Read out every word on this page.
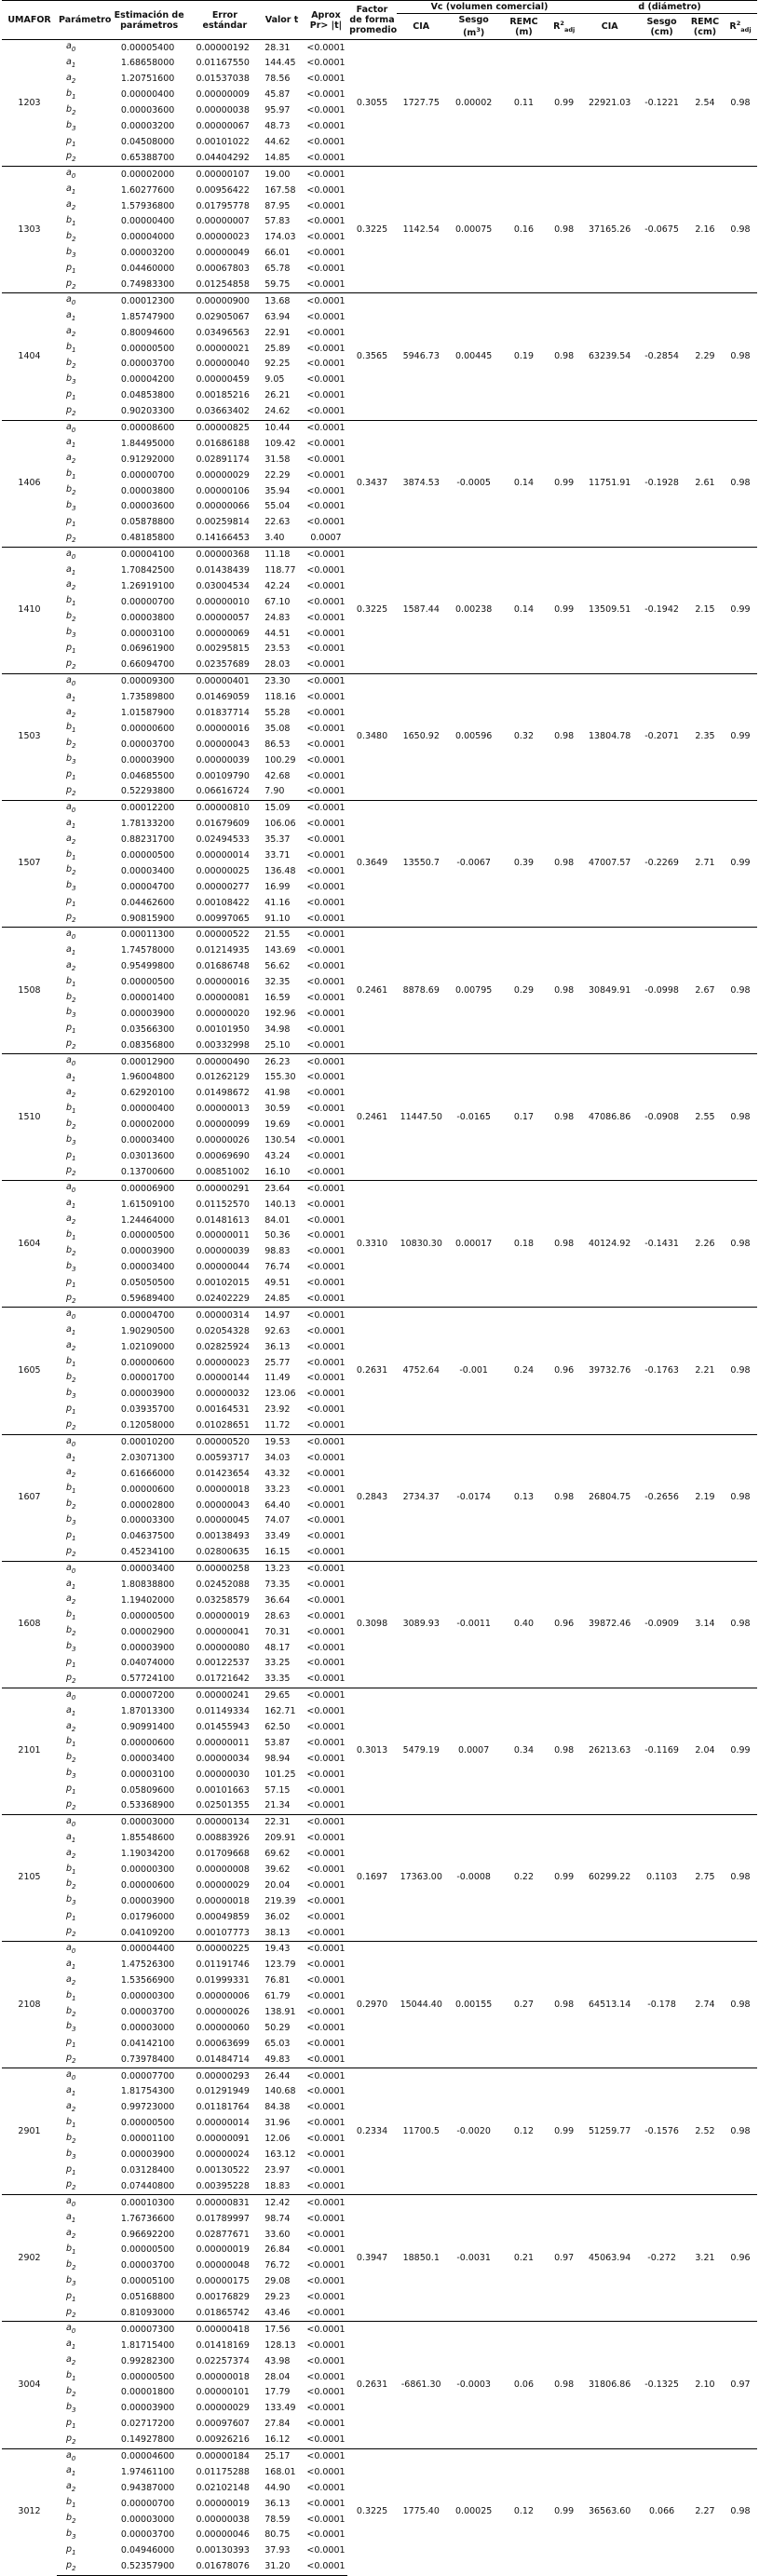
UMAFOR	Parámetro	Estimación de parámetros	Error estándar	Valor t	Aprox Pr> |t|	Factor de forma promedio	Vc (volumen comercial)				d (diámetro)			
							CIA	Sesgo $(m^3)$	REMC (m)	$R^2_{adj}$	CIA	Sesgo (cm)	REMC (cm)	$R^2_{adj}$
1203	$a_0$	0.00005400	0.00000192	28.31	<0.0001	0.3055	1727.75	0.00002	0.11	0.99	22921.03	-0.1221	2.54	0.98
	$a_1$	1.68658000	0.01167550	144.45	<0.0001									
	$a_2$	1.20751600	0.01537038	78.56	<0.0001									
	$b_1$	0.00000400	0.00000009	45.87	<0.0001									
	$b_2$	0.00003600	0.00000038	95.97	<0.0001									
	$b_3$	0.00003200	0.00000067	48.73	<0.0001									
	$p_1$	0.04508000	0.00101022	44.62	<0.0001									
	$p_2$	0.65388700	0.04404292	14.85	<0.0001									
1303	$a_0$	0.00002000	0.00000107	19.00	<0.0001	0.3225	1142.54	0.00075	0.16	0.98	37165.26	-0.0675	2.16	0.98
	$a_1$	1.60277600	0.00956422	167.58	<0.0001									
	$a_2$	1.57936800	0.01795778	87.95	<0.0001									
	$b_1$	0.00000400	0.00000007	57.83	<0.0001									
	$b_2$	0.00004000	0.00000023	174.03	<0.0001									
	$b_3$	0.00003200	0.00000049	66.01	<0.0001									
	$p_1$	0.04460000	0.00067803	65.78	<0.0001									
	$p_2$	0.74983300	0.01254858	59.75	<0.0001									
1404	$a_0$	0.00012300	0.00000900	13.68	<0.0001	0.3565	5946.73	0.00445	0.19	0.98	63239.54	-0.2854	2.29	0.98
	$a_1$	1.85747900	0.02905067	63.94	<0.0001									
	$a_2$	0.80094600	0.03496563	22.91	<0.0001									
	$b_1$	0.00000500	0.00000021	25.89	<0.0001									
	$b_2$	0.00003700	0.00000040	92.25	<0.0001									
	$b_3$	0.00004200	0.00000459	9.05	<0.0001									
	$p_1$	0.04853800	0.00185216	26.21	<0.0001									
	$p_2$	0.90203300	0.03663402	24.62	<0.0001									
1406	$a_0$	0.00008600	0.00000825	10.44	<0.0001	0.3437	3874.53	-0.0005	0.14	0.99	11751.91	-0.1928	2.61	0.98
	$a_1$	1.84495000	0.01686188	109.42	<0.0001									
	$a_2$	0.91292000	0.02891174	31.58	<0.0001									
	$b_1$	0.00000700	0.00000029	22.29	<0.0001									
	$b_2$	0.00003800	0.00000106	35.94	<0.0001									
	$b_3$	0.00003600	0.00000066	55.04	<0.0001									
	$p_1$	0.05878800	0.00259814	22.63	<0.0001									
	$p_2$	0.48185800	0.14166453	3.40	0.0007									
1410	$a_0$	0.00004100	0.00000368	11.18	<0.0001	0.3225	1587.44	0.00238	0.14	0.99	13509.51	-0.1942	2.15	0.99
	$a_1$	1.70842500	0.01438439	118.77	<0.0001									
	$a_2$	1.26919100	0.03004534	42.24	<0.0001									
	$b_1$	0.00000700	0.00000010	67.10	<0.0001									
	$b_2$	0.00003800	0.00000057	24.83	<0.0001									
	$b_3$	0.00003100	0.00000069	44.51	<0.0001									
	$p_1$	0.06961900	0.00295815	23.53	<0.0001									
	$p_2$	0.66094700	0.02357689	28.03	<0.0001									
1503	$a_0$	0.00009300	0.00000401	23.30	<0.0001	0.3480	1650.92	0.00596	0.32	0.98	13804.78	-0.2071	2.35	0.99
	$a_1$	1.73589800	0.01469059	118.16	<0.0001									
	$a_2$	1.01587900	0.01837714	55.28	<0.0001									
	$b_1$	0.00000600	0.00000016	35.08	<0.0001									
	$b_2$	0.00003700	0.00000043	86.53	<0.0001									
	$b_3$	0.00003900	0.00000039	100.29	<0.0001									
	$p_1$	0.04685500	0.00109790	42.68	<0.0001									
	$p_2$	0.52293800	0.06616724	7.90	<0.0001									
1507	$a_0$	0.00012200	0.00000810	15.09	<0.0001	0.3649	13550.7	-0.0067	0.39	0.98	47007.57	-0.2269	2.71	0.99
	$a_1$	1.78133200	0.01679609	106.06	<0.0001									
	$a_2$	0.88231700	0.02494533	35.37	<0.0001									
	$b_1$	0.00000500	0.00000014	33.71	<0.0001									
	$b_2$	0.00003400	0.00000025	136.48	<0.0001									
	$b_3$	0.00004700	0.00000277	16.99	<0.0001									
	$p_1$	0.04462600	0.00108422	41.16	<0.0001									
	$p_2$	0.90815900	0.00997065	91.10	<0.0001									
1508	$a_0$	0.00011300	0.00000522	21.55	<0.0001	0.2461	8878.69	0.00795	0.29	0.98	30849.91	-0.0998	2.67	0.98
	$a_1$	1.74578000	0.01214935	143.69	<0.0001									
	$a_2$	0.95499800	0.01686748	56.62	<0.0001									
	$b_1$	0.00000500	0.00000016	32.35	<0.0001									
	$b_2$	0.00001400	0.00000081	16.59	<0.0001									
	$b_3$	0.00003900	0.00000020	192.96	<0.0001									
	$p_1$	0.03566300	0.00101950	34.98	<0.0001									
	$p_2$	0.08356800	0.00332998	25.10	<0.0001									
1510	$a_0$	0.00012900	0.00000490	26.23	<0.0001	0.2461	11447.50	-0.0165	0.17	0.98	47086.86	-0.0908	2.55	0.98
	$a_1$	1.96004800	0.01262129	155.30	<0.0001									
	$a_2$	0.62920100	0.01498672	41.98	<0.0001									
	$b_1$	0.00000400	0.00000013	30.59	<0.0001									
	$b_2$	0.00002000	0.00000099	19.69	<0.0001									
	$b_3$	0.00003400	0.00000026	130.54	<0.0001									
	$p_1$	0.03013600	0.00069690	43.24	<0.0001									
	$p_2$	0.13700600	0.00851002	16.10	<0.0001									
1604	$a_0$	0.00006900	0.00000291	23.64	<0.0001	0.3310	10830.30	0.00017	0.18	0.98	40124.92	-0.1431	2.26	0.98
	$a_1$	1.61509100	0.01152570	140.13	<0.0001									
	$a_2$	1.24464000	0.01481613	84.01	<0.0001									
	$b_1$	0.00000500	0.00000011	50.36	<0.0001									
	$b_2$	0.00003900	0.00000039	98.83	<0.0001									
	$b_3$	0.00003400	0.00000044	76.74	<0.0001									
	$p_1$	0.05050500	0.00102015	49.51	<0.0001									
	$p_2$	0.59689400	0.02402229	24.85	<0.0001									
1605	$a_0$	0.00004700	0.00000314	14.97	<0.0001	0.2631	4752.64	-0.001	0.24	0.96	39732.76	-0.1763	2.21	0.98
	$a_1$	1.90290500	0.02054328	92.63	<0.0001									
	$a_2$	1.02109000	0.02825924	36.13	<0.0001									
	$b_1$	0.00000600	0.00000023	25.77	<0.0001									
	$b_2$	0.00001700	0.00000144	11.49	<0.0001									
	$b_3$	0.00003900	0.00000032	123.06	<0.0001									
	$p_1$	0.03935700	0.00164531	23.92	<0.0001									
	$p_2$	0.12058000	0.01028651	11.72	<0.0001									
1607	$a_0$	0.00010200	0.00000520	19.53	<0.0001	0.2843	2734.37	-0.0174	0.13	0.98	26804.75	-0.2656	2.19	0.98
	$a_1$	2.03071300	0.00593717	34.03	<0.0001									
	$a_2$	0.61666000	0.01423654	43.32	<0.0001									
	$b_1$	0.00000600	0.00000018	33.23	<0.0001									
	$b_2$	0.00002800	0.00000043	64.40	<0.0001									
	$b_3$	0.00003300	0.00000045	74.07	<0.0001									
	$p_1$	0.04637500	0.00138493	33.49	<0.0001									
	$p_2$	0.45234100	0.02800635	16.15	<0.0001									
1608	$a_0$	0.00003400	0.00000258	13.23	<0.0001	0.3098	3089.93	-0.0011	0.40	0.96	39872.46	-0.0909	3.14	0.98
	$a_1$	1.80838800	0.02452088	73.35	<0.0001									
	$a_2$	1.19402000	0.03258579	36.64	<0.0001									
	$b_1$	0.00000500	0.00000019	28.63	<0.0001									
	$b_2$	0.00002900	0.00000041	70.31	<0.0001									
	$b_3$	0.00003900	0.00000080	48.17	<0.0001									
	$p_1$	0.04074000	0.00122537	33.25	<0.0001									
	$p_2$	0.57724100	0.01721642	33.35	<0.0001									
2101	$a_0$	0.00007200	0.00000241	29.65	<0.0001	0.3013	5479.19	0.0007	0.34	0.98	26213.63	-0.1169	2.04	0.99
	$a_1$	1.87013300	0.01149334	162.71	<0.0001									
	$a_2$	0.90991400	0.01455943	62.50	<0.0001									
	$b_1$	0.00000600	0.00000011	53.87	<0.0001									
	$b_2$	0.00003400	0.00000034	98.94	<0.0001									
	$b_3$	0.00003100	0.00000030	101.25	<0.0001									
	$p_1$	0.05809600	0.00101663	57.15	<0.0001									
	$p_2$	0.53368900	0.02501355	21.34	<0.0001									
2105	$a_0$	0.00003000	0.00000134	22.31	<0.0001	0.1697	17363.00	-0.0008	0.22	0.99	60299.22	0.1103	2.75	0.98
	$a_1$	1.85548600	0.00883926	209.91	<0.0001									
	$a_2$	1.19034200	0.01709668	69.62	<0.0001									
	$b_1$	0.00000300	0.00000008	39.62	<0.0001									
	$b_2$	0.00000600	0.00000029	20.04	<0.0001									
	$b_3$	0.00003900	0.00000018	219.39	<0.0001									
	$p_1$	0.01796000	0.00049859	36.02	<0.0001									
	$p_2$	0.04109200	0.00107773	38.13	<0.0001									
2108	$a_0$	0.00004400	0.00000225	19.43	<0.0001	0.2970	15044.40	0.00155	0.27	0.98	64513.14	-0.178	2.74	0.98
	$a_1$	1.47526300	0.01191746	123.79	<0.0001									
	$a_2$	1.53566900	0.01999331	76.81	<0.0001									
	$b_1$	0.00000300	0.00000006	61.79	<0.0001									
	$b_2$	0.00003700	0.00000026	138.91	<0.0001									
	$b_3$	0.00003000	0.00000060	50.29	<0.0001									
	$p_1$	0.04142100	0.00063699	65.03	<0.0001									
	$p_2$	0.73978400	0.01484714	49.83	<0.0001									
2901	$a_0$	0.00007700	0.00000293	26.44	<0.0001	0.2334	11700.5	-0.0020	0.12	0.99	51259.77	-0.1576	2.52	0.98
	$a_1$	1.81754300	0.01291949	140.68	<0.0001									
	$a_2$	0.99723000	0.01181764	84.38	<0.0001									
	$b_1$	0.00000500	0.00000014	31.96	<0.0001									
	$b_2$	0.00001100	0.00000091	12.06	<0.0001									
	$b_3$	0.00003900	0.00000024	163.12	<0.0001									
	$p_1$	0.03128400	0.00130522	23.97	<0.0001									
	$p_2$	0.07440800	0.00395228	18.83	<0.0001									
2902	$a_0$	0.00010300	0.00000831	12.42	<0.0001	0.3947	18850.1	-0.0031	0.21	0.97	45063.94	-0.272	3.21	0.96
	$a_1$	1.76736600	0.01789997	98.74	<0.0001									
	$a_2$	0.96692200	0.02877671	33.60	<0.0001									
	$b_1$	0.00000500	0.00000019	26.84	<0.0001									
	$b_2$	0.00003700	0.00000048	76.72	<0.0001									
	$b_3$	0.00005100	0.00000175	29.08	<0.0001									
	$p_1$	0.05168800	0.00176829	29.23	<0.0001									
	$p_2$	0.81093000	0.01865742	43.46	<0.0001									
3004	$a_0$	0.00007300	0.00000418	17.56	<0.0001	0.2631	-6861.30	-0.0003	0.06	0.98	31806.86	-0.1325	2.10	0.97
	$a_1$	1.81715400	0.01418169	128.13	<0.0001									
	$a_2$	0.99282300	0.02257374	43.98	<0.0001									
	$b_1$	0.00000500	0.00000018	28.04	<0.0001									
	$b_2$	0.00001800	0.00000101	17.79	<0.0001									
	$b_3$	0.00003900	0.00000029	133.49	<0.0001									
	$p_1$	0.02717200	0.00097607	27.84	<0.0001									
	$p_2$	0.14927800	0.00926216	16.12	<0.0001									
3012	$a_0$	0.00004600	0.00000184	25.17	<0.0001	0.3225	1775.40	0.00025	0.12	0.99	36563.60	0.066	2.27	0.98
	$a_1$	1.97461100	0.01175288	168.01	<0.0001									
	$a_2$	0.94387000	0.02102148	44.90	<0.0001									
	$b_1$	0.00000700	0.00000019	36.13	<0.0001									
	$b_2$	0.00003000	0.00000038	78.59	<0.0001									
	$b_3$	0.00003700	0.00000046	80.75	<0.0001									
	$p_1$	0.04946000	0.00130393	37.93	<0.0001									
	$p_2$	0.52357900	0.01678076	31.20	<0.0001									
